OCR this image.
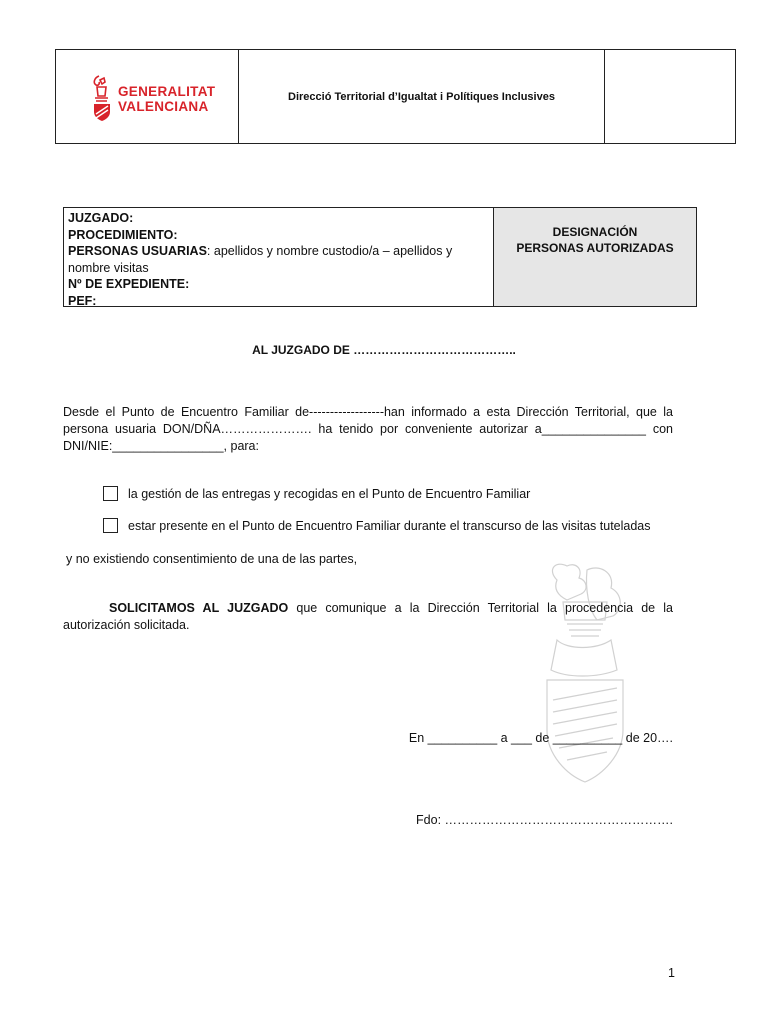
GENERALITAT
VALENCIANA
Direcció Territorial d’Igualtat i Polítiques Inclusives
JUZGADO:
PROCEDIMIENTO:
PERSONAS USUARIAS: apellidos y nombre custodio/a – apellidos y nombre visitas
Nº DE EXPEDIENTE:
PEF:
DESIGNACIÓN
PERSONAS AUTORIZADAS
AL JUZGADO DE …………………………………..
Desde el Punto de Encuentro Familiar de------------------han informado a esta Dirección Territorial, que la persona usuaria DON/DÑA…………………. ha tenido por conveniente autorizar a_______________ con DNI/NIE:________________, para:
la gestión de las entregas y recogidas en el Punto de Encuentro Familiar
estar presente en el Punto de Encuentro Familiar durante el transcurso de las visitas tuteladas
y no existiendo consentimiento de una de las partes,
SOLICITAMOS AL JUZGADO que comunique a la Dirección Territorial la procedencia de la autorización solicitada.
En __________ a ___ de __________ de 20….
Fdo: ……………………………………………….
1
